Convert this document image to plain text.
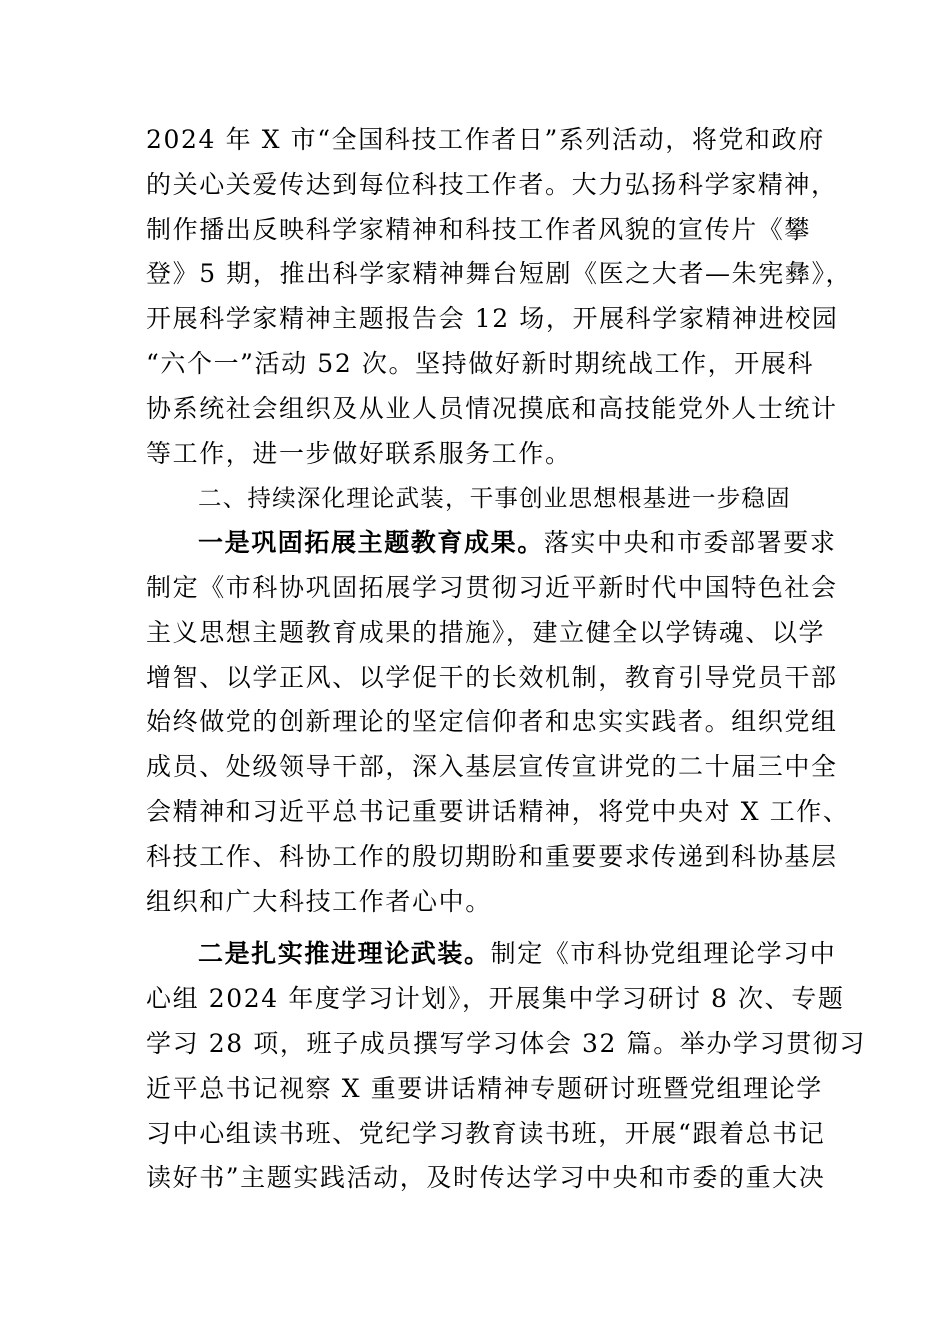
2024 年 X 市“全国科技工作者日”系列活动，将党和政府
的关心关爱传达到每位科技工作者。大力弘扬科学家精神，
制作播出反映科学家精神和科技工作者风貌的宣传片《攀
登》5 期，推出科学家精神舞台短剧《医之大者—朱宪彝》，
开展科学家精神主题报告会 12 场，开展科学家精神进校园
“六个一”活动 52 次。坚持做好新时期统战工作，开展科
协系统社会组织及从业人员情况摸底和高技能党外人士统计
等工作，进一步做好联系服务工作。
二、持续深化理论武装，干事创业思想根基进一步稳固
一是巩固拓展主题教育成果。落实中央和市委部署要求
制定《市科协巩固拓展学习贯彻习近平新时代中国特色社会
主义思想主题教育成果的措施》，建立健全以学铸魂、以学
增智、以学正风、以学促干的长效机制，教育引导党员干部
始终做党的创新理论的坚定信仰者和忠实实践者。组织党组
成员、处级领导干部，深入基层宣传宣讲党的二十届三中全
会精神和习近平总书记重要讲话精神，将党中央对 X 工作、
科技工作、科协工作的殷切期盼和重要要求传递到科协基层
组织和广大科技工作者心中。
二是扎实推进理论武装。制定《市科协党组理论学习中
心组 2024 年度学习计划》，开展集中学习研讨 8 次、专题
学习 28 项，班子成员撰写学习体会 32 篇。举办学习贯彻习
近平总书记视察 X 重要讲话精神专题研讨班暨党组理论学
习中心组读书班、党纪学习教育读书班，开展“跟着总书记
读好书”主题实践活动，及时传达学习中央和市委的重大决
